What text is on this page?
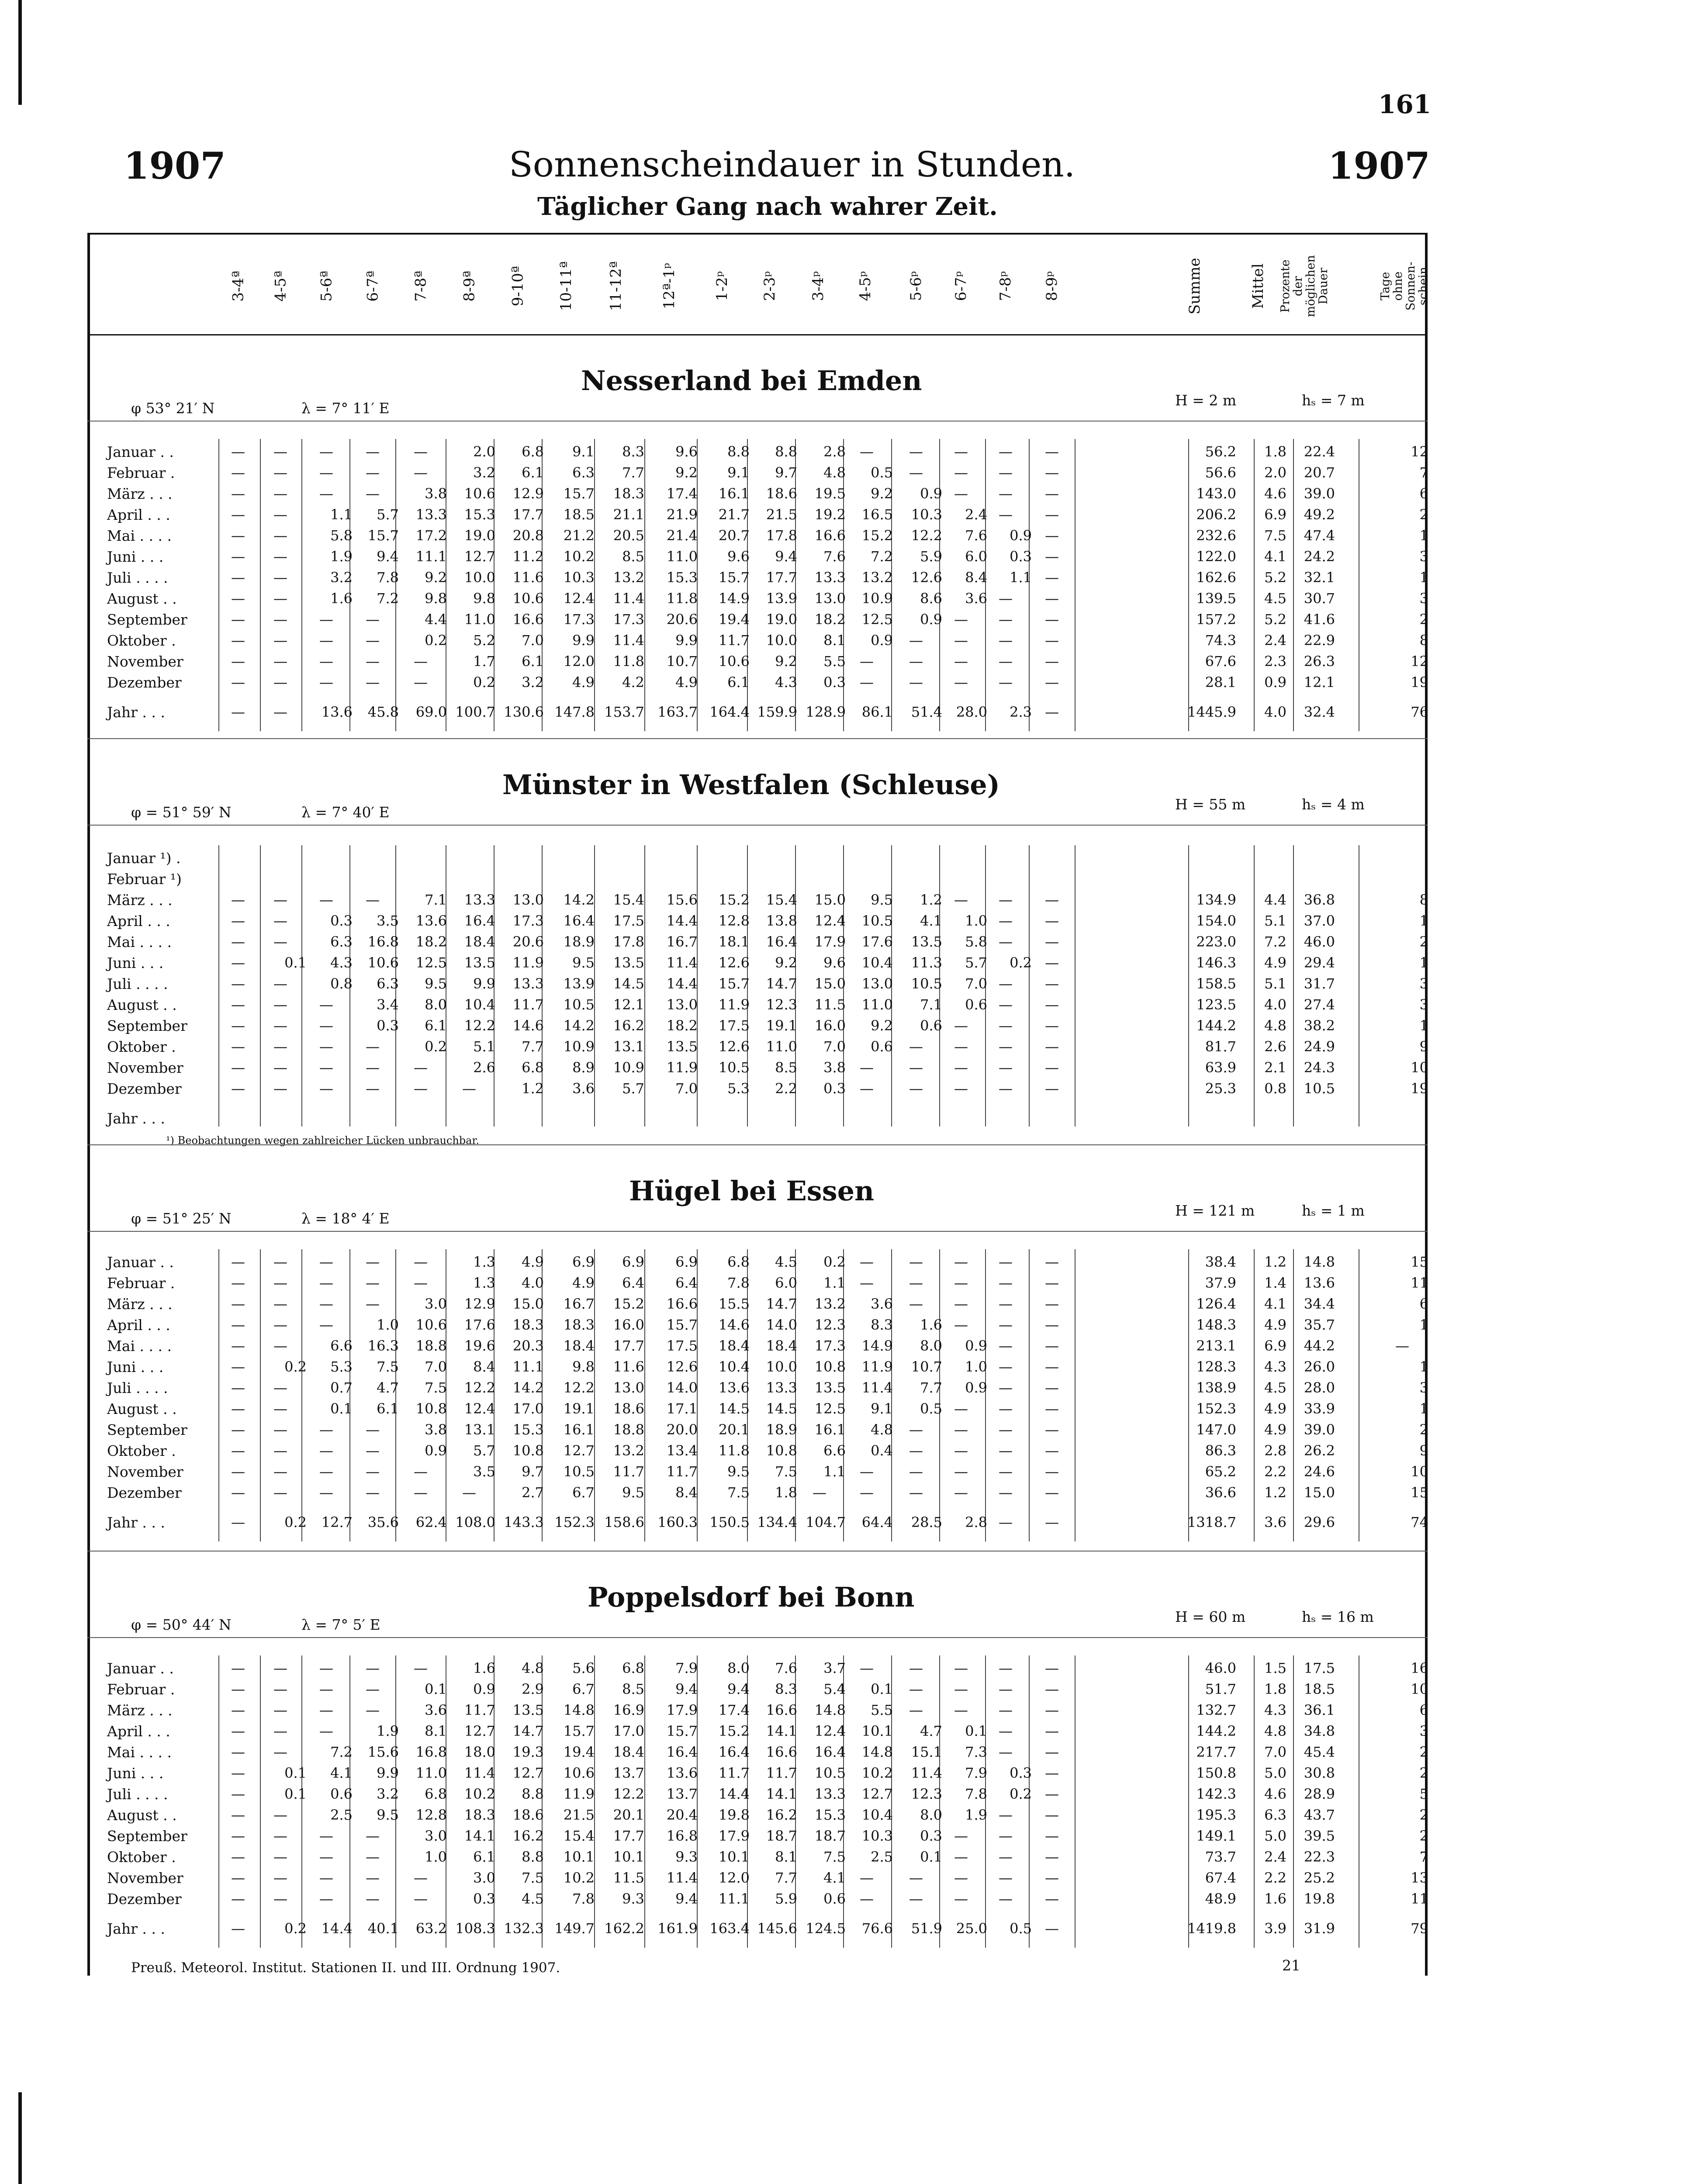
161
1907	Sonnenscheindauer in Stunden.	1907
Täglicher Gang nach wahrer Zeit.
3-4ª 4-5ª 5-6ª 6-7ª 7-8ª 8-9ª 9-10ª 10-11ª 11-12ª 12ª-1ᵖ 1-2ᵖ 2-3ᵖ 3-4ᵖ 4-5ᵖ 5-6ᵖ 6-7ᵖ 7-8ᵖ 8-9ᵖ	Summe	Mittel Prozente der möglichen Dauer	Tage ohne Sonnen-schein
Nesserland bei Emden
φ 53° 21′ N	λ = 7° 11′ E	H = 2 m	hₛ = 7 m
Januar . .	—	—	—	—	—	2.0	6.8	9.1	8.3	9.6	8.8	8.8	2.8	—	—	—	—	—	56.2	1.8	22.4	12
Februar .	—	—	—	—	—	3.2	6.1	6.3	7.7	9.2	9.1	9.7	4.8	0.5	—	—	—	—	56.6	2.0	20.7	7
März . . .	—	—	—	—	3.8	10.6	12.9	15.7	18.3	17.4	16.1	18.6	19.5	9.2	0.9 —	—	—	143.0	4.6	39.0	6
April . . .	—	—	1.1	5.7	13.3	15.3	17.7	18.5	21.1	21.9	21.7	21.5	19.2	16.5	10.3	2.4 —	—	206.2	6.9	49.2	2
Mai . . . .	—	—	5.8	15.7	17.2	19.0	20.8	21.2	20.5	21.4	20.7	17.8	16.6	15.2	12.2	7.6	0.9 —	232.6	7.5	47.4	1
Juni . . .	—	—	1.9	9.4	11.1	12.7	11.2	10.2	8.5	11.0	9.6	9.4	7.6	7.2	5.9	6.0	0.3 —	122.0	4.1	24.2	3
Juli . . . .	—	—	3.2	7.8	9.2	10.0	11.6	10.3	13.2	15.3	15.7	17.7	13.3	13.2	12.6	8.4	1.1 —	162.6	5.2	32.1	1
August . .	—	—	1.6	7.2	9.8	9.8	10.6	12.4	11.4	11.8	14.9	13.9	13.0	10.9	8.6	3.6 —	—	139.5	4.5	30.7	3
September	—	—	—	—	4.4	11.0	16.6	17.3	17.3	20.6	19.4	19.0	18.2	12.5	0.9 —	—	—	157.2	5.2	41.6	2
Oktober .	—	—	—	—	0.2	5.2	7.0	9.9	11.4	9.9	11.7	10.0	8.1	0.9	—	—	—	—	74.3	2.4	22.9	8
November	—	—	—	—	—	1.7	6.1	12.0	11.8	10.7	10.6	9.2	5.5	—	—	—	—	—	67.6	2.3	26.3	12
Dezember	—	—	—	—	—	0.2	3.2	4.9	4.2	4.9	6.1	4.3	0.3	—	—	—	—	—	28.1	0.9	12.1	19
Jahr . . .	—	—	13.6	45.8	69.0 100.7 130.6 147.8 153.7 163.7 164.4 159.9 128.9	86.1	51.4 28.0	2.3 —	1445.9	4.0	32.4	76
Münster in Westfalen (Schleuse)
φ = 51° 59′ N	λ = 7° 40′ E	H = 55 m	hₛ = 4 m
Januar ¹) .
Februar ¹)
März . . .	—	—	—	—	7.1	13.3	13.0	14.2	15.4	15.6	15.2	15.4	15.0	9.5	1.2 —	—	—	134.9	4.4	36.8	8
April . . .	—	—	0.3	3.5	13.6	16.4	17.3	16.4	17.5	14.4	12.8	13.8	12.4	10.5	4.1	1.0 —	—	154.0	5.1	37.0	1
Mai . . . .	—	—	6.3	16.8	18.2	18.4	20.6	18.9	17.8	16.7	18.1	16.4	17.9	17.6	13.5	5.8 —	—	223.0	7.2	46.0	2
Juni . . .	—	0.1	4.3	10.6	12.5	13.5	11.9	9.5	13.5	11.4	12.6	9.2	9.6	10.4	11.3	5.7	0.2 —	146.3	4.9	29.4	1
Juli . . . .	—	—	0.8	6.3	9.5	9.9	13.3	13.9	14.5	14.4	15.7	14.7	15.0	13.0	10.5	7.0 —	—	158.5	5.1	31.7	3
August . .	—	—	—	3.4	8.0	10.4	11.7	10.5	12.1	13.0	11.9	12.3	11.5	11.0	7.1	0.6 —	—	123.5	4.0	27.4	3
September	—	—	—	0.3	6.1	12.2	14.6	14.2	16.2	18.2	17.5	19.1	16.0	9.2	0.6 —	—	—	144.2	4.8	38.2	1
Oktober .	—	—	—	—	0.2	5.1	7.7	10.9	13.1	13.5	12.6	11.0	7.0	0.6	—	—	—	—	81.7	2.6	24.9	9
November	—	—	—	—	—	2.6	6.8	8.9	10.9	11.9	10.5	8.5	3.8	—	—	—	—	—	63.9	2.1	24.3	10
Dezember	—	—	—	—	—	—	1.2	3.6	5.7	7.0	5.3	2.2	0.3	—	—	—	—	—	25.3	0.8	10.5	19
Jahr . . .
¹) Beobachtungen wegen zahlreicher Lücken unbrauchbar.
Hügel bei Essen
φ = 51° 25′ N	λ = 18° 4′ E	H = 121 m	hₛ = 1 m
Januar . .	—	—	—	—	—	1.3	4.9	6.9	6.9	6.9	6.8	4.5	0.2	—	—	—	—	—	38.4	1.2	14.8	15
Februar .	—	—	—	—	—	1.3	4.0	4.9	6.4	6.4	7.8	6.0	1.1	—	—	—	—	—	37.9	1.4	13.6	11
März . . .	—	—	—	—	3.0	12.9	15.0	16.7	15.2	16.6	15.5	14.7	13.2	3.6	—	—	—	—	126.4	4.1	34.4	6
April . . .	—	—	—	1.0	10.6	17.6	18.3	18.3	16.0	15.7	14.6	14.0	12.3	8.3	1.6 —	—	—	148.3	4.9	35.7	1
Mai . . . .	—	—	6.6	16.3	18.8	19.6	20.3	18.4	17.7	17.5	18.4	18.4	17.3	14.9	8.0	0.9 —	—	213.1	6.9	44.2	—
Juni . . .	—	0.2	5.3	7.5	7.0	8.4	11.1	9.8	11.6	12.6	10.4	10.0	10.8	11.9	10.7	1.0 —	—	128.3	4.3	26.0	1
Juli . . . .	—	—	0.7	4.7	7.5	12.2	14.2	12.2	13.0	14.0	13.6	13.3	13.5	11.4	7.7	0.9 —	—	138.9	4.5	28.0	3
August . .	—	—	0.1	6.1	10.8	12.4	17.0	19.1	18.6	17.1	14.5	14.5	12.5	9.1	0.5 —	—	—	152.3	4.9	33.9	1
September	—	—	—	—	3.8	13.1	15.3	16.1	18.8	20.0	20.1	18.9	16.1	4.8	—	—	—	—	147.0	4.9	39.0	2
Oktober .	—	—	—	—	0.9	5.7	10.8	12.7	13.2	13.4	11.8	10.8	6.6	0.4	—	—	—	—	86.3	2.8	26.2	9
November	—	—	—	—	—	3.5	9.7	10.5	11.7	11.7	9.5	7.5	1.1	—	—	—	—	—	65.2	2.2	24.6	10
Dezember	—	—	—	—	—	—	2.7	6.7	9.5	8.4	7.5	1.8	—	—	—	—	—	—	36.6	1.2	15.0	15
Jahr . . .	—	0.2	12.7	35.6	62.4 108.0 143.3 152.3 158.6 160.3 150.5 134.4 104.7	64.4	28.5	2.8 —	—	1318.7	3.6	29.6	74
Poppelsdorf bei Bonn
φ = 50° 44′ N	λ = 7° 5′ E	H = 60 m	hₛ = 16 m
Januar . .	—	—	—	—	—	1.6	4.8	5.6	6.8	7.9	8.0	7.6	3.7	—	—	—	—	—	46.0	1.5	17.5	16
Februar .	—	—	—	—	0.1	0.9	2.9	6.7	8.5	9.4	9.4	8.3	5.4	0.1	—	—	—	—	51.7	1.8	18.5	10
März . . .	—	—	—	—	3.6	11.7	13.5	14.8	16.9	17.9	17.4	16.6	14.8	5.5	—	—	—	—	132.7	4.3	36.1	6
April . . .	—	—	—	1.9	8.1	12.7	14.7	15.7	17.0	15.7	15.2	14.1	12.4	10.1	4.7	0.1 —	—	144.2	4.8	34.8	3
Mai . . . .	—	—	7.2	15.6	16.8	18.0	19.3	19.4	18.4	16.4	16.4	16.6	16.4	14.8	15.1	7.3 —	—	217.7	7.0	45.4	2
Juni . . .	—	0.1	4.1	9.9	11.0	11.4	12.7	10.6	13.7	13.6	11.7	11.7	10.5	10.2	11.4	7.9	0.3 —	150.8	5.0	30.8	2
Juli . . . .	—	0.1	0.6	3.2	6.8	10.2	8.8	11.9	12.2	13.7	14.4	14.1	13.3	12.7	12.3	7.8	0.2 —	142.3	4.6	28.9	5
August . .	—	—	2.5	9.5	12.8	18.3	18.6	21.5	20.1	20.4	19.8	16.2	15.3	10.4	8.0	1.9 —	—	195.3	6.3	43.7	2
September	—	—	—	—	3.0	14.1	16.2	15.4	17.7	16.8	17.9	18.7	18.7	10.3	0.3 —	—	—	149.1	5.0	39.5	2
Oktober .	—	—	—	—	1.0	6.1	8.8	10.1	10.1	9.3	10.1	8.1	7.5	2.5	0.1 —	—	—	73.7	2.4	22.3	7
November	—	—	—	—	—	3.0	7.5	10.2	11.5	11.4	12.0	7.7	4.1	—	—	—	—	—	67.4	2.2	25.2	13
Dezember	—	—	—	—	—	0.3	4.5	7.8	9.3	9.4	11.1	5.9	0.6	—	—	—	—	—	48.9	1.6	19.8	11
Jahr . . .	—	0.2	14.4	40.1	63.2 108.3 132.3 149.7 162.2 161.9 163.4 145.6 124.5	76.6	51.9 25.0	0.5 —	1419.8	3.9	31.9	79
Preuß. Meteorol. Institut. Stationen II. und III. Ordnung 1907.	21
